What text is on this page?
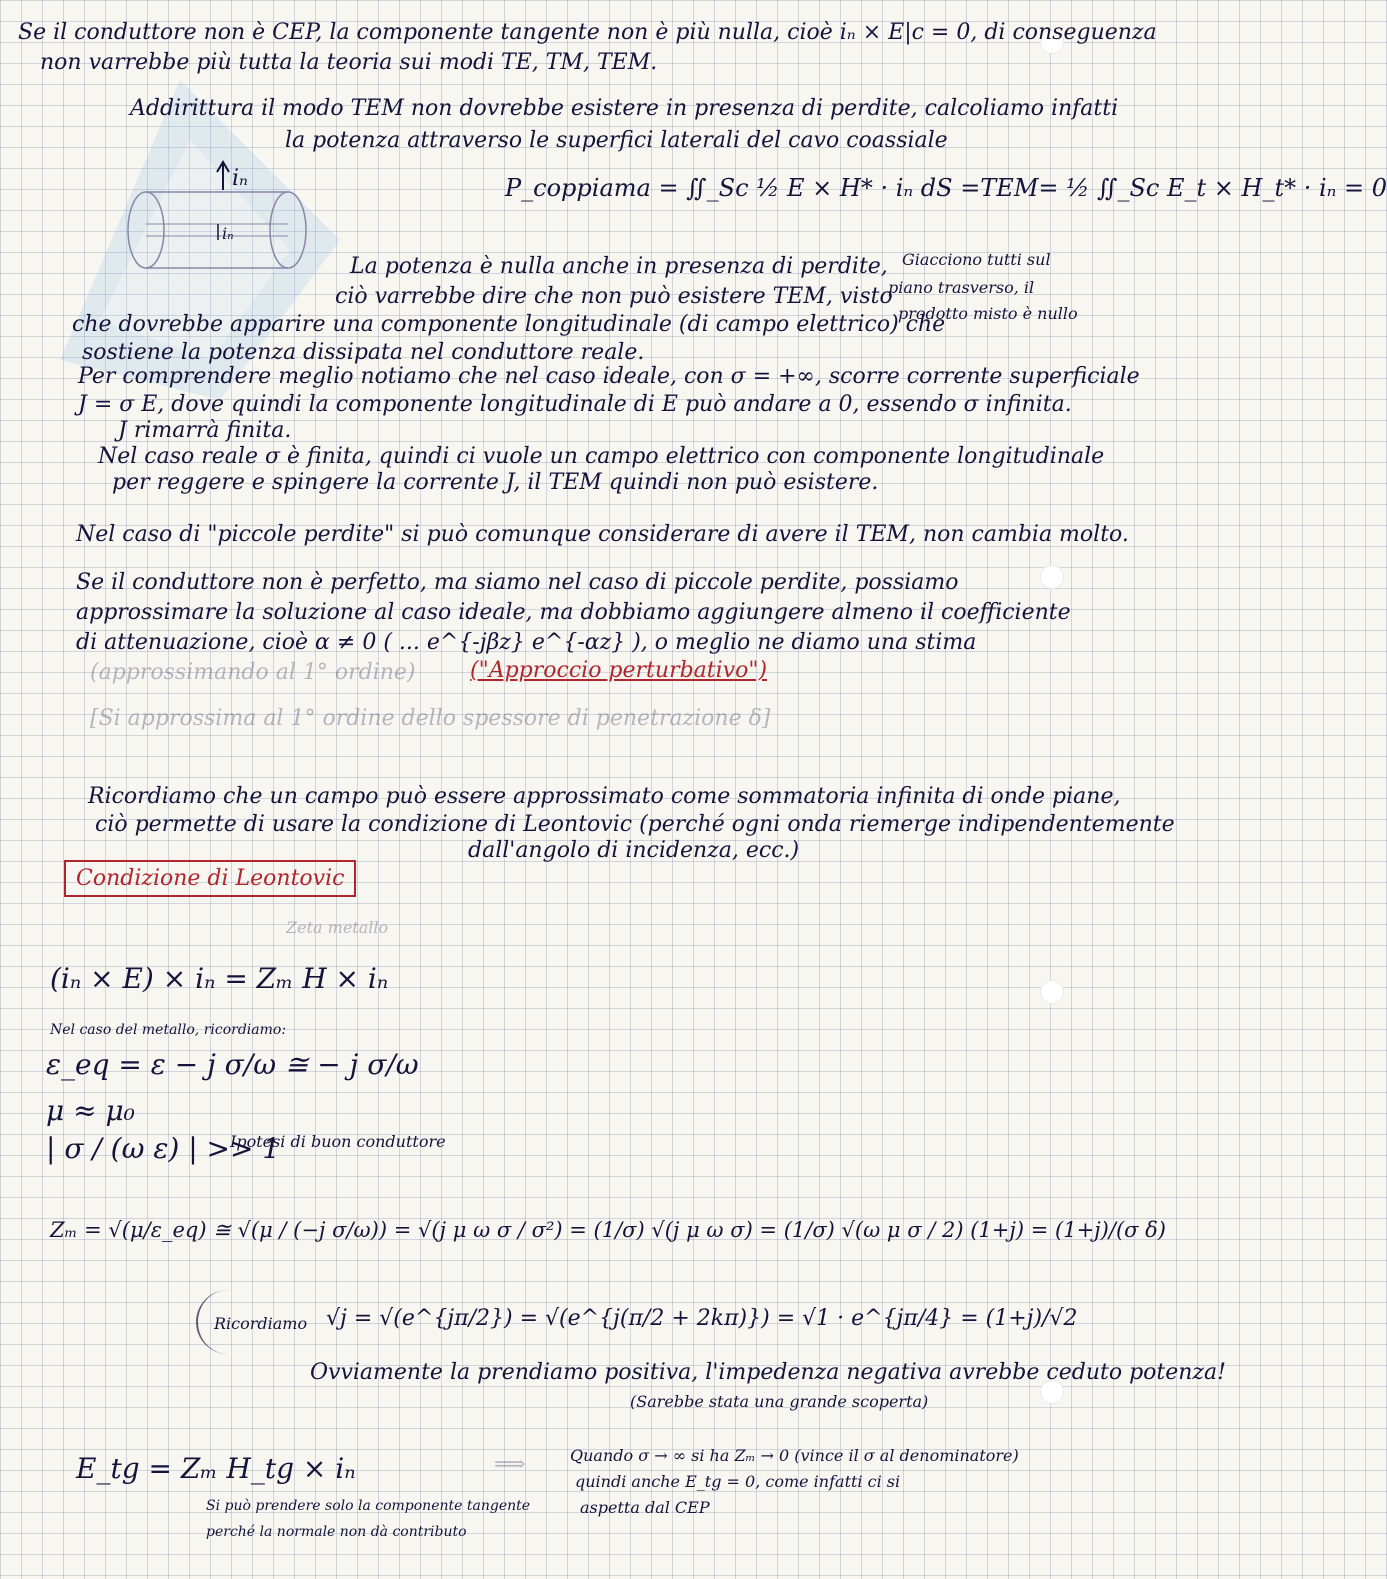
Se il conduttore non è CEP, la componente tangente non è più nulla, cioè iₙ × E|c = 0, di conseguenza
non varrebbe più tutta la teoria sui modi TE, TM, TEM.
Addirittura il modo TEM non dovrebbe esistere in presenza di perdite, calcoliamo infatti
la potenza attraverso le superfici laterali del cavo coassiale
iₙ
iₙ
P_coppiama = ∬_Sc ½ E × H* · iₙ dS =TEM= ½ ∬_Sc E_t × H_t* · iₙ = 0
Giacciono tutti sul
piano trasverso, il
prodotto misto è nullo
La potenza è nulla anche in presenza di perdite,
ciò varrebbe dire che non può esistere TEM, visto
che dovrebbe apparire una componente longitudinale (di campo elettrico) che
sostiene la potenza dissipata nel conduttore reale.
Per comprendere meglio notiamo che nel caso ideale, con σ = +∞, scorre corrente superficiale
J = σ E, dove quindi la componente longitudinale di E può andare a 0, essendo σ infinita.
J rimarrà finita.
Nel caso reale σ è finita, quindi ci vuole un campo elettrico con componente longitudinale
per reggere e spingere la corrente J, il TEM quindi non può esistere.
Nel caso di "piccole perdite" si può comunque considerare di avere il TEM, non cambia molto.
Se il conduttore non è perfetto, ma siamo nel caso di piccole perdite, possiamo
approssimare la soluzione al caso ideale, ma dobbiamo aggiungere almeno il coefficiente
di attenuazione, cioè α ≠ 0 ( ... e^{-jβz} e^{-αz} ), o meglio ne diamo una stima
(approssimando al 1° ordine) ("Approccio perturbativo")
[Si approssima al 1° ordine dello spessore di penetrazione δ]
Ricordiamo che un campo può essere approssimato come sommatoria infinita di onde piane,
ciò permette di usare la condizione di Leontovic (perché ogni onda riemerge indipendentemente
dall'angolo di incidenza, ecc.)
Condizione di Leontovic
Zeta metallo
(iₙ × E) × iₙ = Zₘ H × iₙ
Nel caso del metallo, ricordiamo:
ε_eq = ε − j σ/ω ≅ − j σ/ω
μ ≈ μ₀
| σ / (ω ε) | >> 1
Ipotesi di buon conduttore
Zₘ = √(μ/ε_eq) ≅ √(μ / (−j σ/ω)) = √(j μ ω σ / σ²) = (1/σ) √(j μ ω σ) = (1/σ) √(ω μ σ / 2) (1+j) = (1+j)/(σ δ)
Ricordiamo √j = √(e^{jπ/2}) = √(e^{j(π/2 + 2kπ)}) = √1 · e^{jπ/4} = (1+j)/√2
Ovviamente la prendiamo positiva, l'impedenza negativa avrebbe ceduto potenza!
(Sarebbe stata una grande scoperta)
E_tg = Zₘ H_tg × iₙ
Si può prendere solo la componente tangente
perché la normale non dà contributo
⟹	Quando σ → ∞ si ha Zₘ → 0 (vince il σ al denominatore)
quindi anche E_tg = 0, come infatti ci si
aspetta dal CEP
